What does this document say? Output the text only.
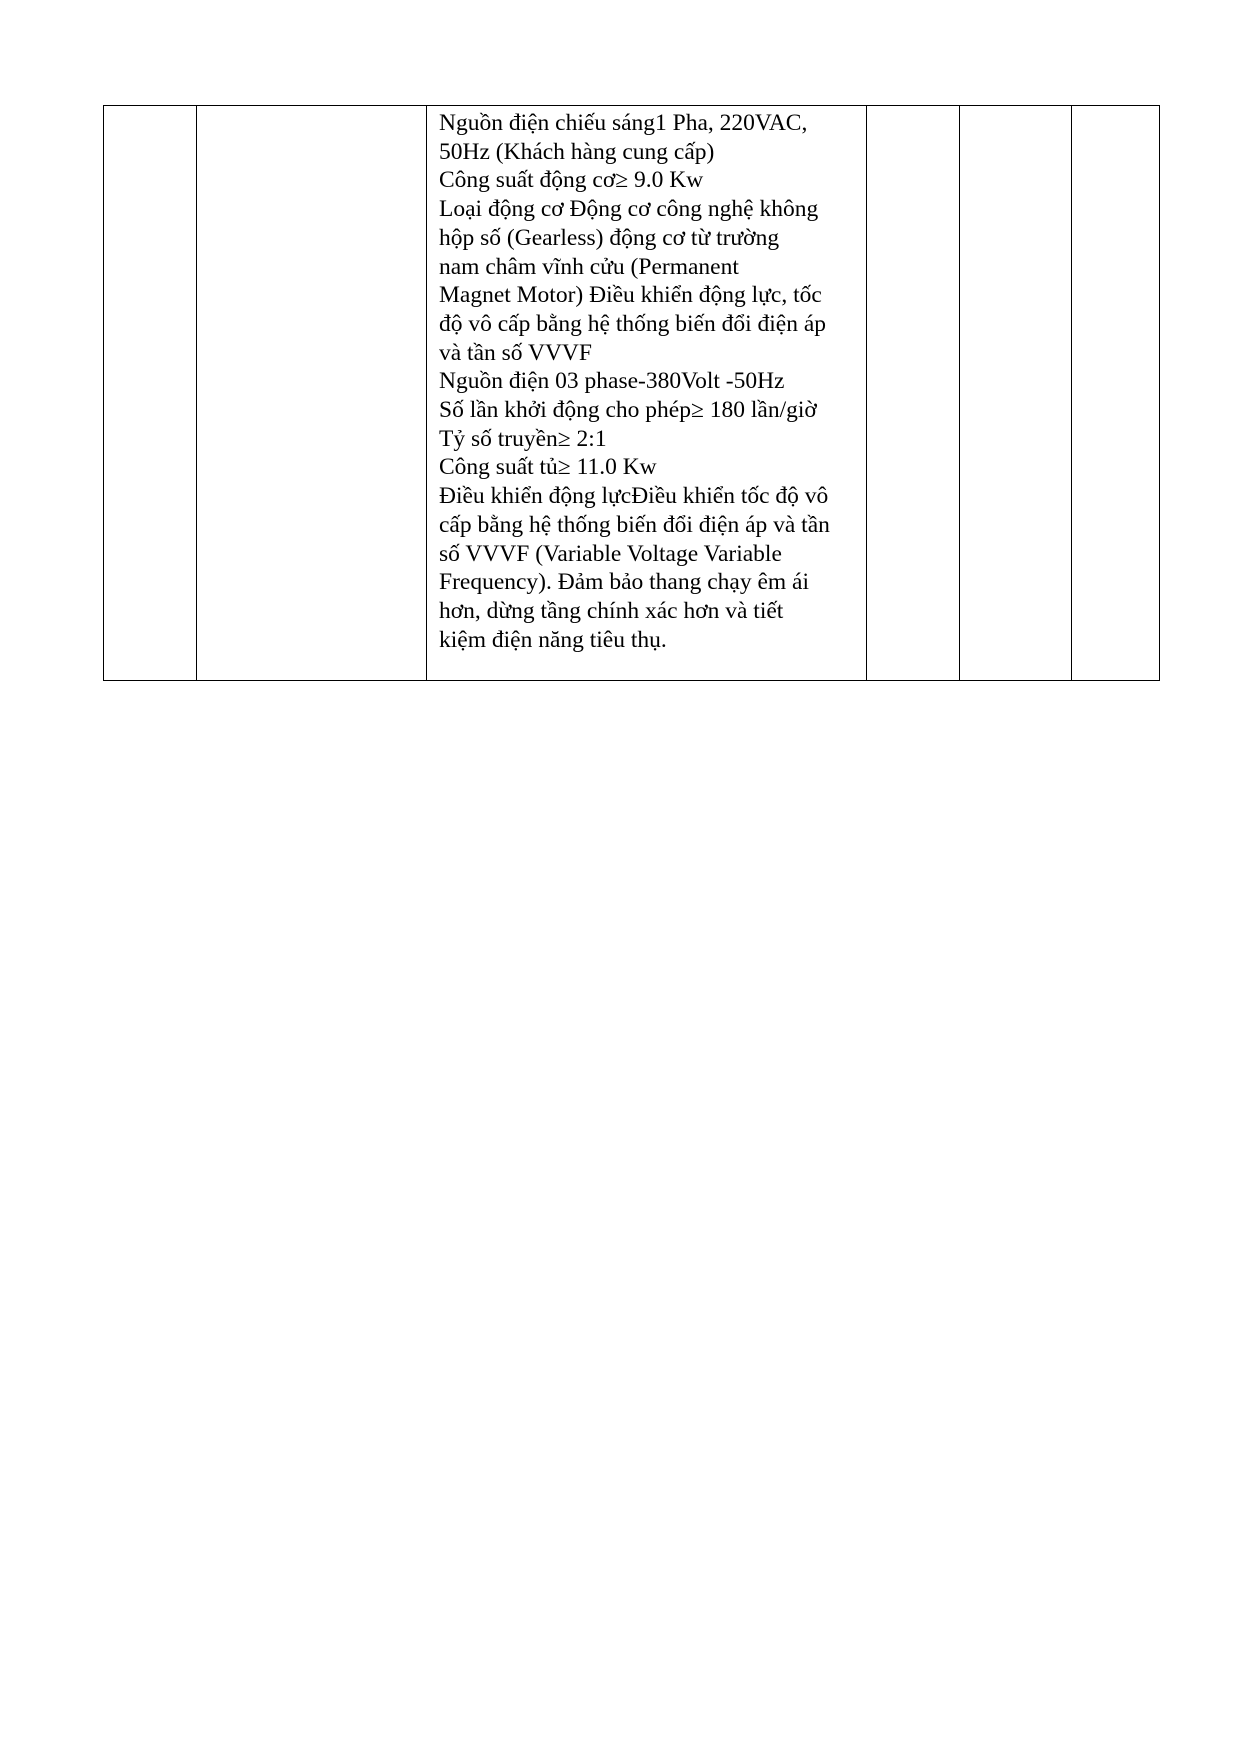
Nguồn điện chiếu sáng1 Pha, 220VAC,
50Hz (Khách hàng cung cấp)
Công suất động cơ≥ 9.0 Kw
Loại động cơ Động cơ công nghệ không
hộp số (Gearless) động cơ từ trường
nam châm vĩnh cửu (Permanent
Magnet Motor) Điều khiển động lực, tốc
độ vô cấp bằng hệ thống biến đổi điện áp
và tần số VVVF
Nguồn điện 03 phase-380Volt -50Hz
Số lần khởi động cho phép≥ 180 lần/giờ
Tỷ số truyền≥ 2:1
Công suất tủ≥ 11.0 Kw
Điều khiển động lựcĐiều khiển tốc độ vô
cấp bằng hệ thống biến đổi điện áp và tần
số VVVF (Variable Voltage Variable
Frequency). Đảm bảo thang chạy êm ái
hơn, dừng tầng chính xác hơn và tiết
kiệm điện năng tiêu thụ.
